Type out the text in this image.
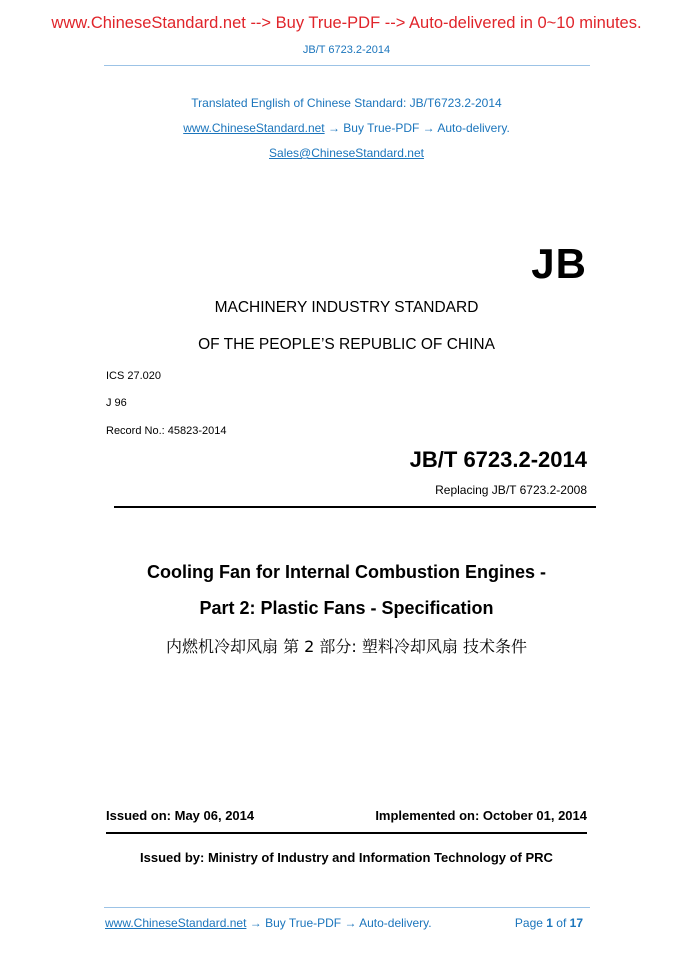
www.ChineseStandard.net --> Buy True-PDF --> Auto-delivered in 0~10 minutes.
JB/T 6723.2-2014
Translated English of Chinese Standard: JB/T6723.2-2014
www.ChineseStandard.net → Buy True-PDF → Auto-delivery.
Sales@ChineseStandard.net
JB
MACHINERY INDUSTRY STANDARD
OF THE PEOPLE’S REPUBLIC OF CHINA
ICS 27.020
J 96
Record No.: 45823-2014
JB/T 6723.2-2014
Replacing JB/T 6723.2-2008
Cooling Fan for Internal Combustion Engines -
Part 2: Plastic Fans - Specification
内燃机冷却风扇 第 2 部分: 塑料冷却风扇 技术条件
Issued on: May 06, 2014	Implemented on: October 01, 2014
Issued by: Ministry of Industry and Information Technology of PRC
www.ChineseStandard.net → Buy True-PDF → Auto-delivery.	Page 1 of 17
